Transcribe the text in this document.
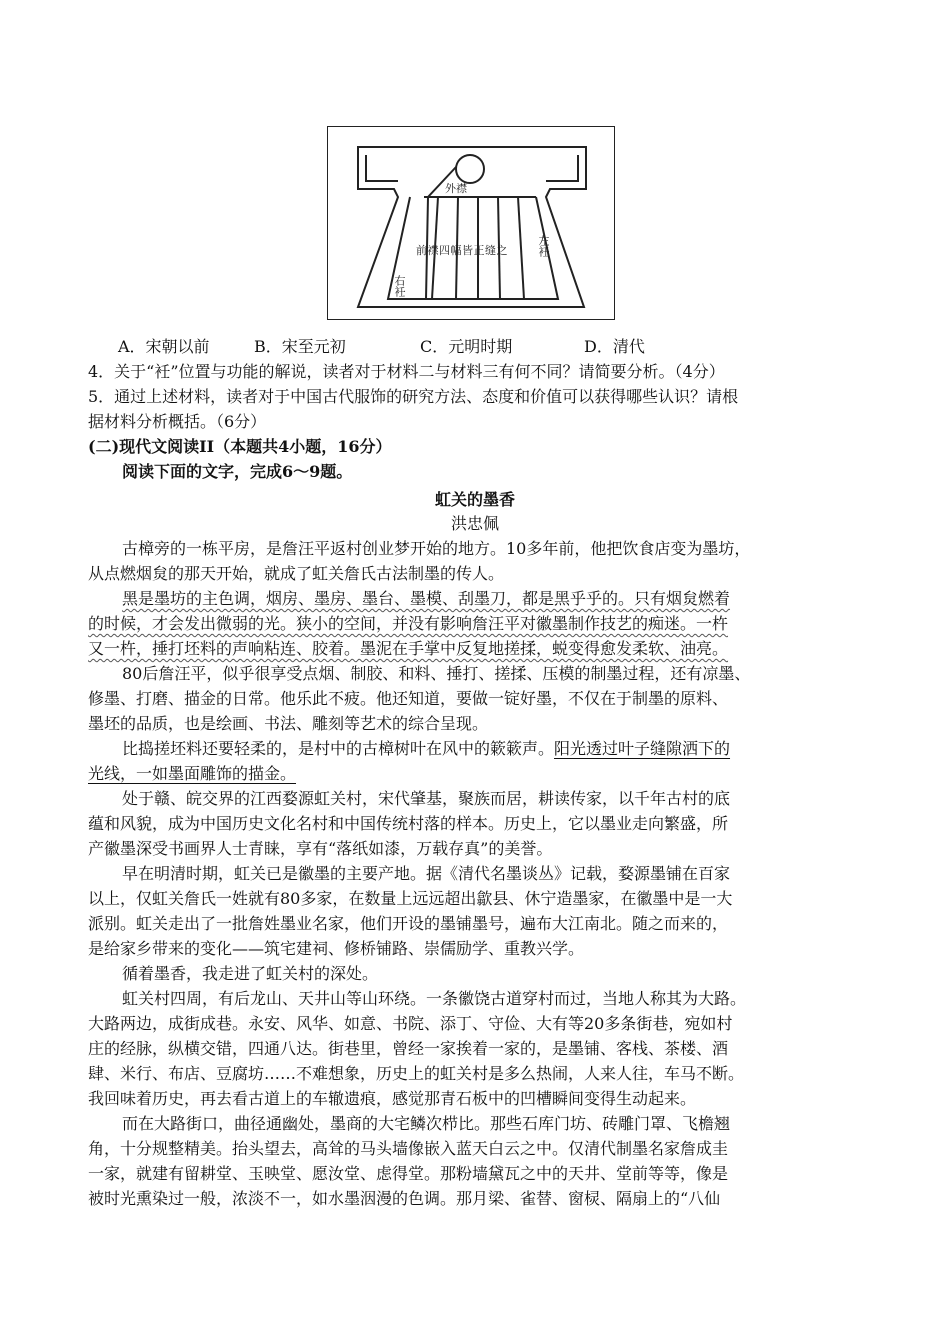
外襟
前襟四幅皆正缝之	左衽
右衽
A．宋朝以前	B．宋至元初	C．元明时期	D．清代
4．关于“衽”位置与功能的解说，读者对于材料二与材料三有何不同？请简要分析。（4分）
5．通过上述材料，读者对于中国古代服饰的研究方法、态度和价值可以获得哪些认识？请根
据材料分析概括。（6分）
(二)现代文阅读II（本题共4小题，16分）
阅读下面的文字，完成6～9题。
虹关的墨香
洪忠佩
古樟旁的一栋平房，是詹汪平返村创业梦开始的地方。10多年前，他把饮食店变为墨坊，
从点燃烟炱的那天开始，就成了虹关詹氏古法制墨的传人。
黑是墨坊的主色调，烟房、墨房、墨台、墨模、刮墨刀，都是黑乎乎的。只有烟炱燃着
的时候，才会发出微弱的光。狭小的空间，并没有影响詹汪平对徽墨制作技艺的痴迷。一杵
又一杵，捶打坯料的声响粘连、胶着。墨泥在手掌中反复地搓揉，蜕变得愈发柔软、油亮。
80后詹汪平，似乎很享受点烟、制胶、和料、捶打、搓揉、压模的制墨过程，还有凉墨、
修墨、打磨、描金的日常。他乐此不疲。他还知道，要做一锭好墨，不仅在于制墨的原料、
墨坯的品质，也是绘画、书法、雕刻等艺术的综合呈现。
比捣搓坯料还要轻柔的，是村中的古樟树叶在风中的簌簌声。阳光透过叶子缝隙洒下的
光线，一如墨面雕饰的描金。
处于赣、皖交界的江西婺源虹关村，宋代肇基，聚族而居，耕读传家，以千年古村的底
蕴和风貌，成为中国历史文化名村和中国传统村落的样本。历史上，它以墨业走向繁盛，所
产徽墨深受书画界人士青睐，享有“落纸如漆，万载存真”的美誉。
早在明清时期，虹关已是徽墨的主要产地。据《清代名墨谈丛》记载，婺源墨铺在百家
以上，仅虹关詹氏一姓就有80多家，在数量上远远超出歙县、休宁造墨家，在徽墨中是一大
派别。虹关走出了一批詹姓墨业名家，他们开设的墨铺墨号，遍布大江南北。随之而来的，
是给家乡带来的变化——筑宅建祠、修桥铺路、崇儒励学、重教兴学。
循着墨香，我走进了虹关村的深处。
虹关村四周，有后龙山、天井山等山环绕。一条徽饶古道穿村而过，当地人称其为大路。
大路两边，成街成巷。永安、风华、如意、书院、添丁、守俭、大有等20多条街巷，宛如村
庄的经脉，纵横交错，四通八达。街巷里，曾经一家挨着一家的，是墨铺、客栈、茶楼、酒
肆、米行、布店、豆腐坊……不难想象，历史上的虹关村是多么热闹，人来人往，车马不断。
我回味着历史，再去看古道上的车辙遗痕，感觉那青石板中的凹槽瞬间变得生动起来。
而在大路街口，曲径通幽处，墨商的大宅鳞次栉比。那些石库门坊、砖雕门罩、飞檐翘
角，十分规整精美。抬头望去，高耸的马头墙像嵌入蓝天白云之中。仅清代制墨名家詹成圭
一家，就建有留耕堂、玉映堂、愿汝堂、虑得堂。那粉墙黛瓦之中的天井、堂前等等，像是
被时光熏染过一般，浓淡不一，如水墨洇漫的色调。那月梁、雀替、窗棂、隔扇上的“八仙
